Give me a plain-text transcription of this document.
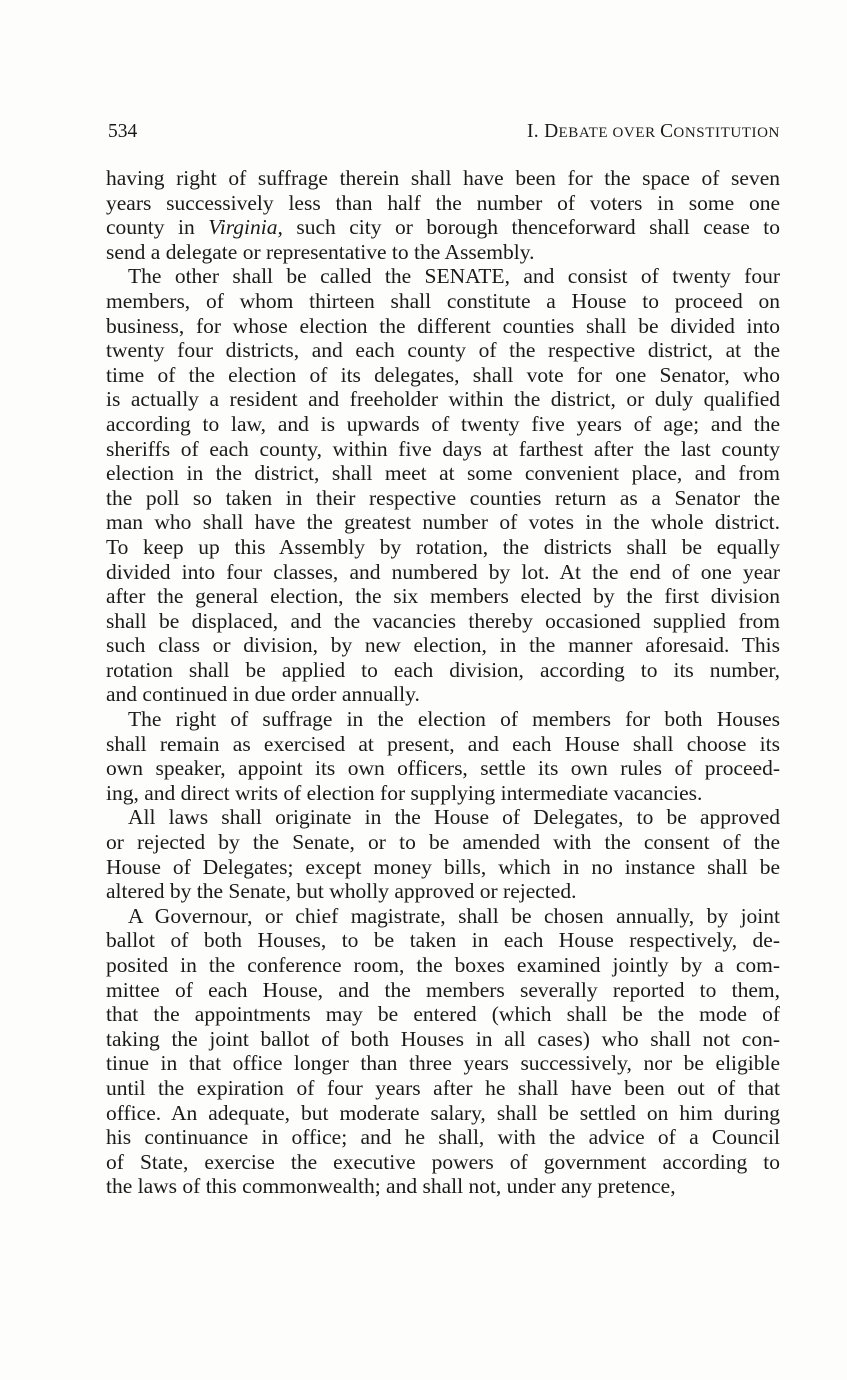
534	I. DEBATE OVER CONSTITUTION
having right of suffrage therein shall have been for the space of seven
years successively less than half the number of voters in some one
county in Virginia, such city or borough thenceforward shall cease to
send a delegate or representative to the Assembly.
The other shall be called the SENATE, and consist of twenty four
members, of whom thirteen shall constitute a House to proceed on
business, for whose election the different counties shall be divided into
twenty four districts, and each county of the respective district, at the
time of the election of its delegates, shall vote for one Senator, who
is actually a resident and freeholder within the district, or duly qualified
according to law, and is upwards of twenty five years of age; and the
sheriffs of each county, within five days at farthest after the last county
election in the district, shall meet at some convenient place, and from
the poll so taken in their respective counties return as a Senator the
man who shall have the greatest number of votes in the whole district.
To keep up this Assembly by rotation, the districts shall be equally
divided into four classes, and numbered by lot. At the end of one year
after the general election, the six members elected by the first division
shall be displaced, and the vacancies thereby occasioned supplied from
such class or division, by new election, in the manner aforesaid. This
rotation shall be applied to each division, according to its number,
and continued in due order annually.
The right of suffrage in the election of members for both Houses
shall remain as exercised at present, and each House shall choose its
own speaker, appoint its own officers, settle its own rules of proceed-
ing, and direct writs of election for supplying intermediate vacancies.
All laws shall originate in the House of Delegates, to be approved
or rejected by the Senate, or to be amended with the consent of the
House of Delegates; except money bills, which in no instance shall be
altered by the Senate, but wholly approved or rejected.
A Governour, or chief magistrate, shall be chosen annually, by joint
ballot of both Houses, to be taken in each House respectively, de-
posited in the conference room, the boxes examined jointly by a com-
mittee of each House, and the members severally reported to them,
that the appointments may be entered (which shall be the mode of
taking the joint ballot of both Houses in all cases) who shall not con-
tinue in that office longer than three years successively, nor be eligible
until the expiration of four years after he shall have been out of that
office. An adequate, but moderate salary, shall be settled on him during
his continuance in office; and he shall, with the advice of a Council
of State, exercise the executive powers of government according to
the laws of this commonwealth; and shall not, under any pretence,
